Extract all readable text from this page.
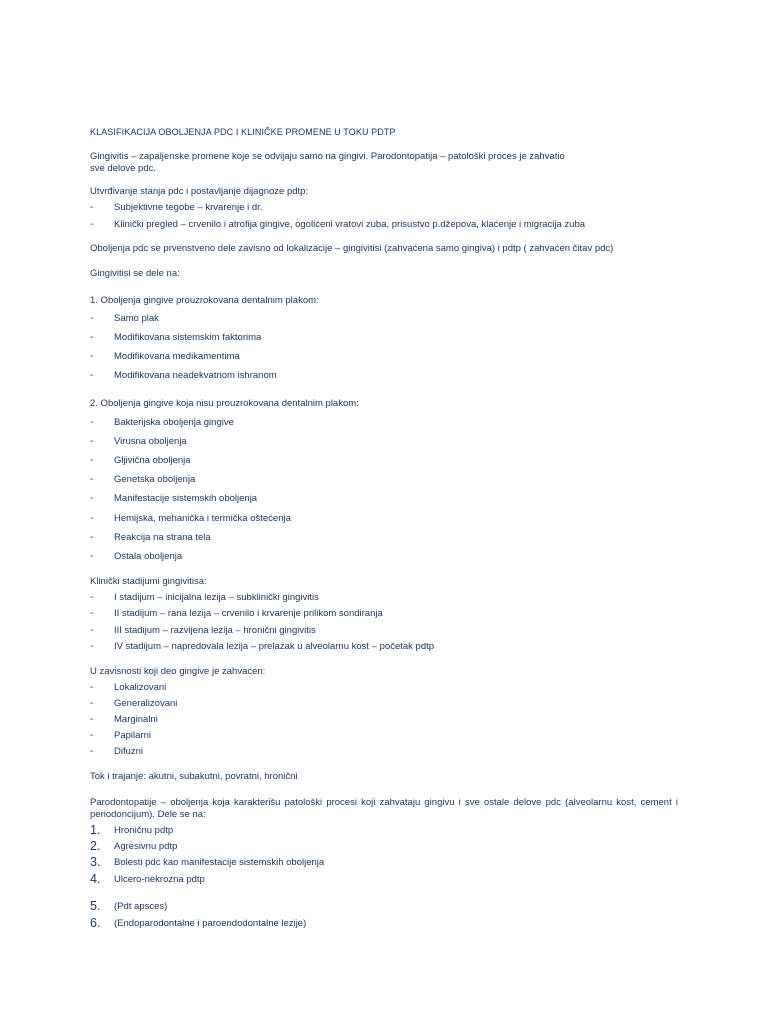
KLASIFIKACIJA OBOLJENJA PDC I KLINIČKE PROMENE U TOKU PDTP
Gingivitis – zapaljenske promene koje se odvijaju samo na gingivi. Parodontopatija – patološki proces je zahvatio
sve delove pdc.
Utvrđivanje stanja pdc i postavljanje dijagnoze pdtp:
- Subjektivne tegobe – krvarenje i dr.
- Klinički pregled – crvenilo i atrofija gingive, ogolićeni vratovi zuba, prisustvo p.džepova, klaćenje i migracija zuba
Oboljenja pdc se prvenstveno dele zavisno od lokalizacije – gingivitisi (zahvaćena samo gingiva) i pdtp ( zahvaćen čitav pdc)
Gingivitisi se dele na:
1. Oboljenja gingive prouzrokovana dentalnim plakom:
- Samo plak
- Modifikovana sistemskim faktorima
- Modifikovana medikamentima
- Modifikovana neadekvatnom ishranom
2. Oboljenja gingive koja nisu prouzrokovana dentalnim plakom:
- Bakterijska oboljenja gingive
- Virusna oboljenja
- Gljivična oboljenja
- Genetska oboljenja
- Manifestacije sistemskih oboljenja
- Hemijska, mehanička i termička oštećenja
- Reakcija na strana tela
- Ostala oboljenja
Klinički stadijumi gingivitisa:
- I stadijum – inicijalna lezija – subklinički gingivitis
- II stadijum – rana lezija – crvenilo i krvarenje prilikom sondiranja
- III stadijum – razvijena lezija – hronični gingivitis
- IV stadijum – napredovala lezija – prelazak u alveolarnu kost – početak pdtp
U zavisnosti koji deo gingive je zahvaćen:
- Lokalizovani
- Generalizovani
- Marginalni
- Papilarni
- Difuzni
Tok i trajanje: akutni, subakutni, povratni, hronični
Parodontopatije – oboljenja koja karakterišu patološki procesi koji zahvataju gingivu i sve ostale delove pdc (alveolarnu kost, cement i
periodoncijum). Dele se na:
1. Hroničnu pdtp
2. Agresivnu pdtp
3. Bolesti pdc kao manifestacije sistemskih oboljenja
4. Ulcero-nekrozna pdtp
5. (Pdt apsces)
6. (Endoparodontalne i paroendodontalne lezije)
